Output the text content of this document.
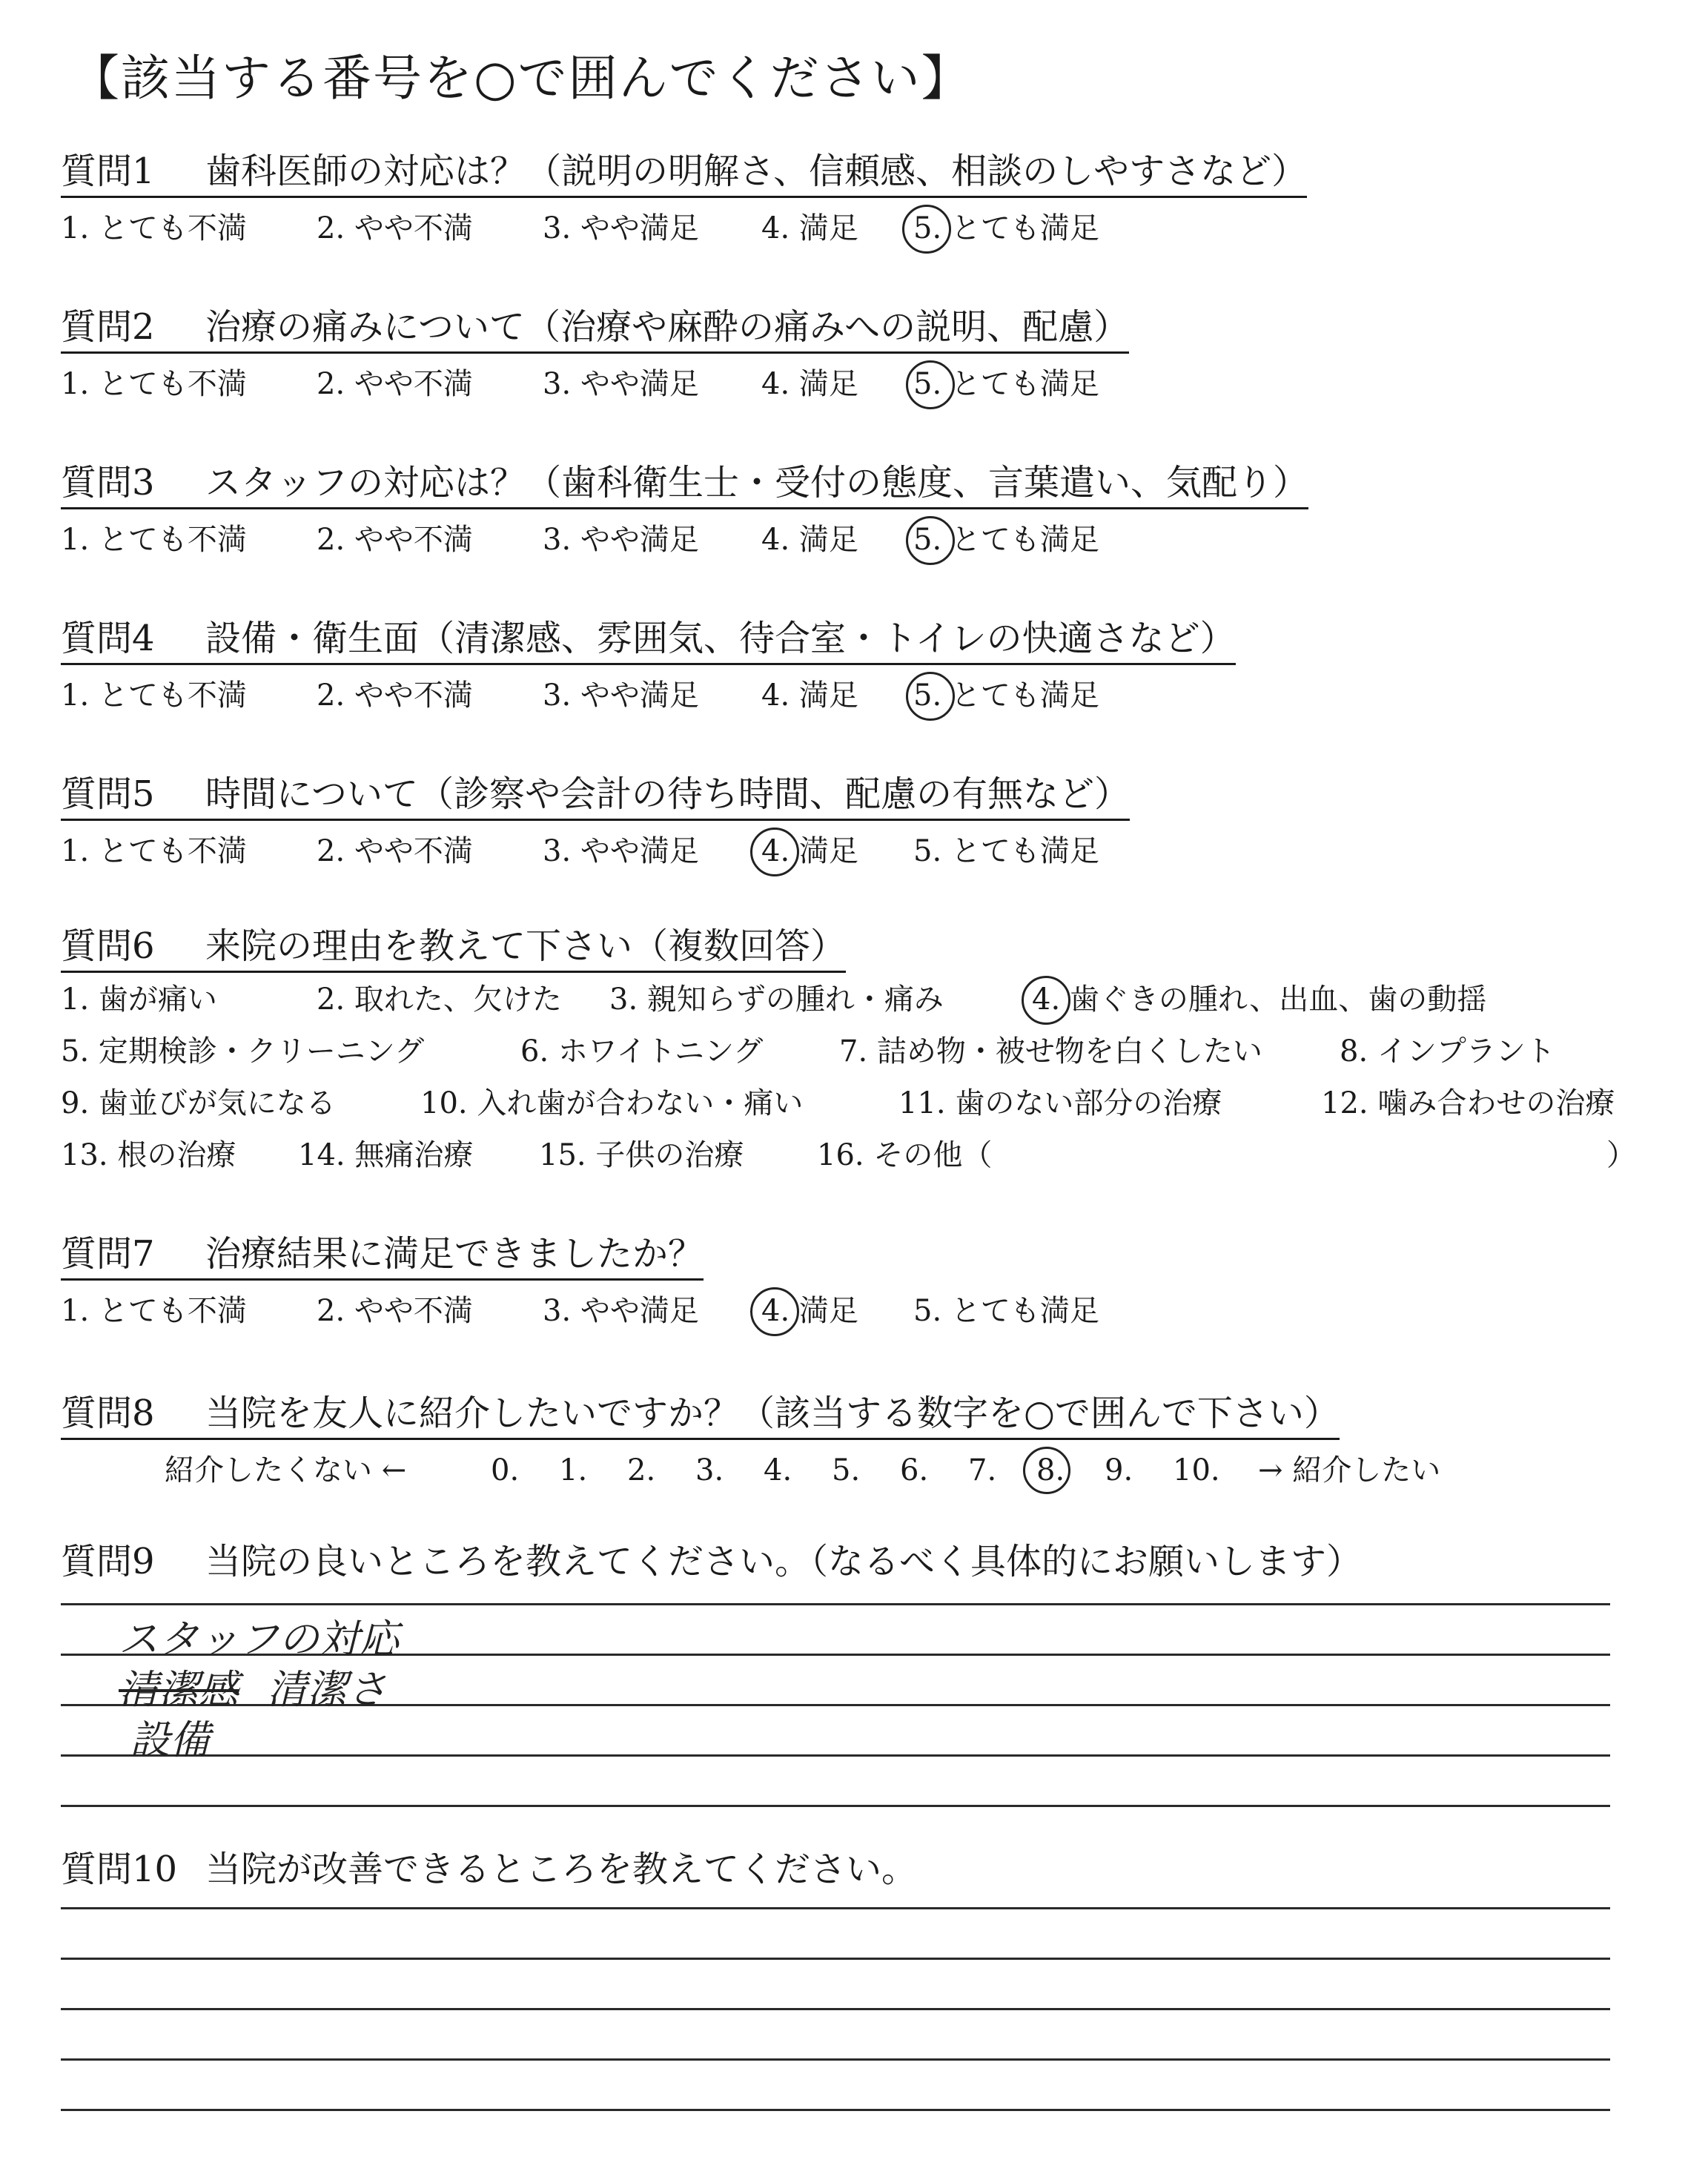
【該当する番号を○で囲んでください】
質問1 歯科医師の対応は？（説明の明解さ、信頼感、相談のしやすさなど）
1. とても不満 2. やや不満 3. やや満足 4. 満足 5. とても満足
質問2 治療の痛みについて（治療や麻酔の痛みへの説明、配慮）
1. とても不満 2. やや不満 3. やや満足 4. 満足 5. とても満足
質問3 スタッフの対応は？（歯科衛生士・受付の態度、言葉遣い、気配り）
1. とても不満 2. やや不満 3. やや満足 4. 満足 5. とても満足
質問4 設備・衛生面（清潔感、雰囲気、待合室・トイレの快適さなど）
1. とても不満 2. やや不満 3. やや満足 4. 満足 5. とても満足
質問5 時間について（診察や会計の待ち時間、配慮の有無など）
1. とても不満 2. やや不満 3. やや満足 4. 満足 5. とても満足
質問6 来院の理由を教えて下さい（複数回答）
1. 歯が痛い	2. 取れた、欠けた 3. 親知らずの腫れ・痛み	4. 歯ぐきの腫れ、出血、歯の動揺
5. 定期検診・クリーニング	6. ホワイトニング	7. 詰め物・被せ物を白くしたい	8. インプラント
9. 歯並びが気になる	10. 入れ歯が合わない・痛い	11. 歯のない部分の治療	12. 噛み合わせの治療
13. 根の治療 14. 無痛治療 15. 子供の治療 16. その他（	）
質問7 治療結果に満足できましたか？
1. とても不満 2. やや不満 3. やや満足 4. 満足 5. とても満足
質問8 当院を友人に紹介したいですか？（該当する数字を○で囲んで下さい）
紹介したくない ←	0. 1. 2. 3. 4. 5. 6. 7. 8. 9. 10. → 紹介したい
質問9 当院の良いところを教えてください。（なるべく具体的にお願いします）
スタッフの対応
清潔感 清潔さ
設備
質問10 当院が改善できるところを教えてください。
